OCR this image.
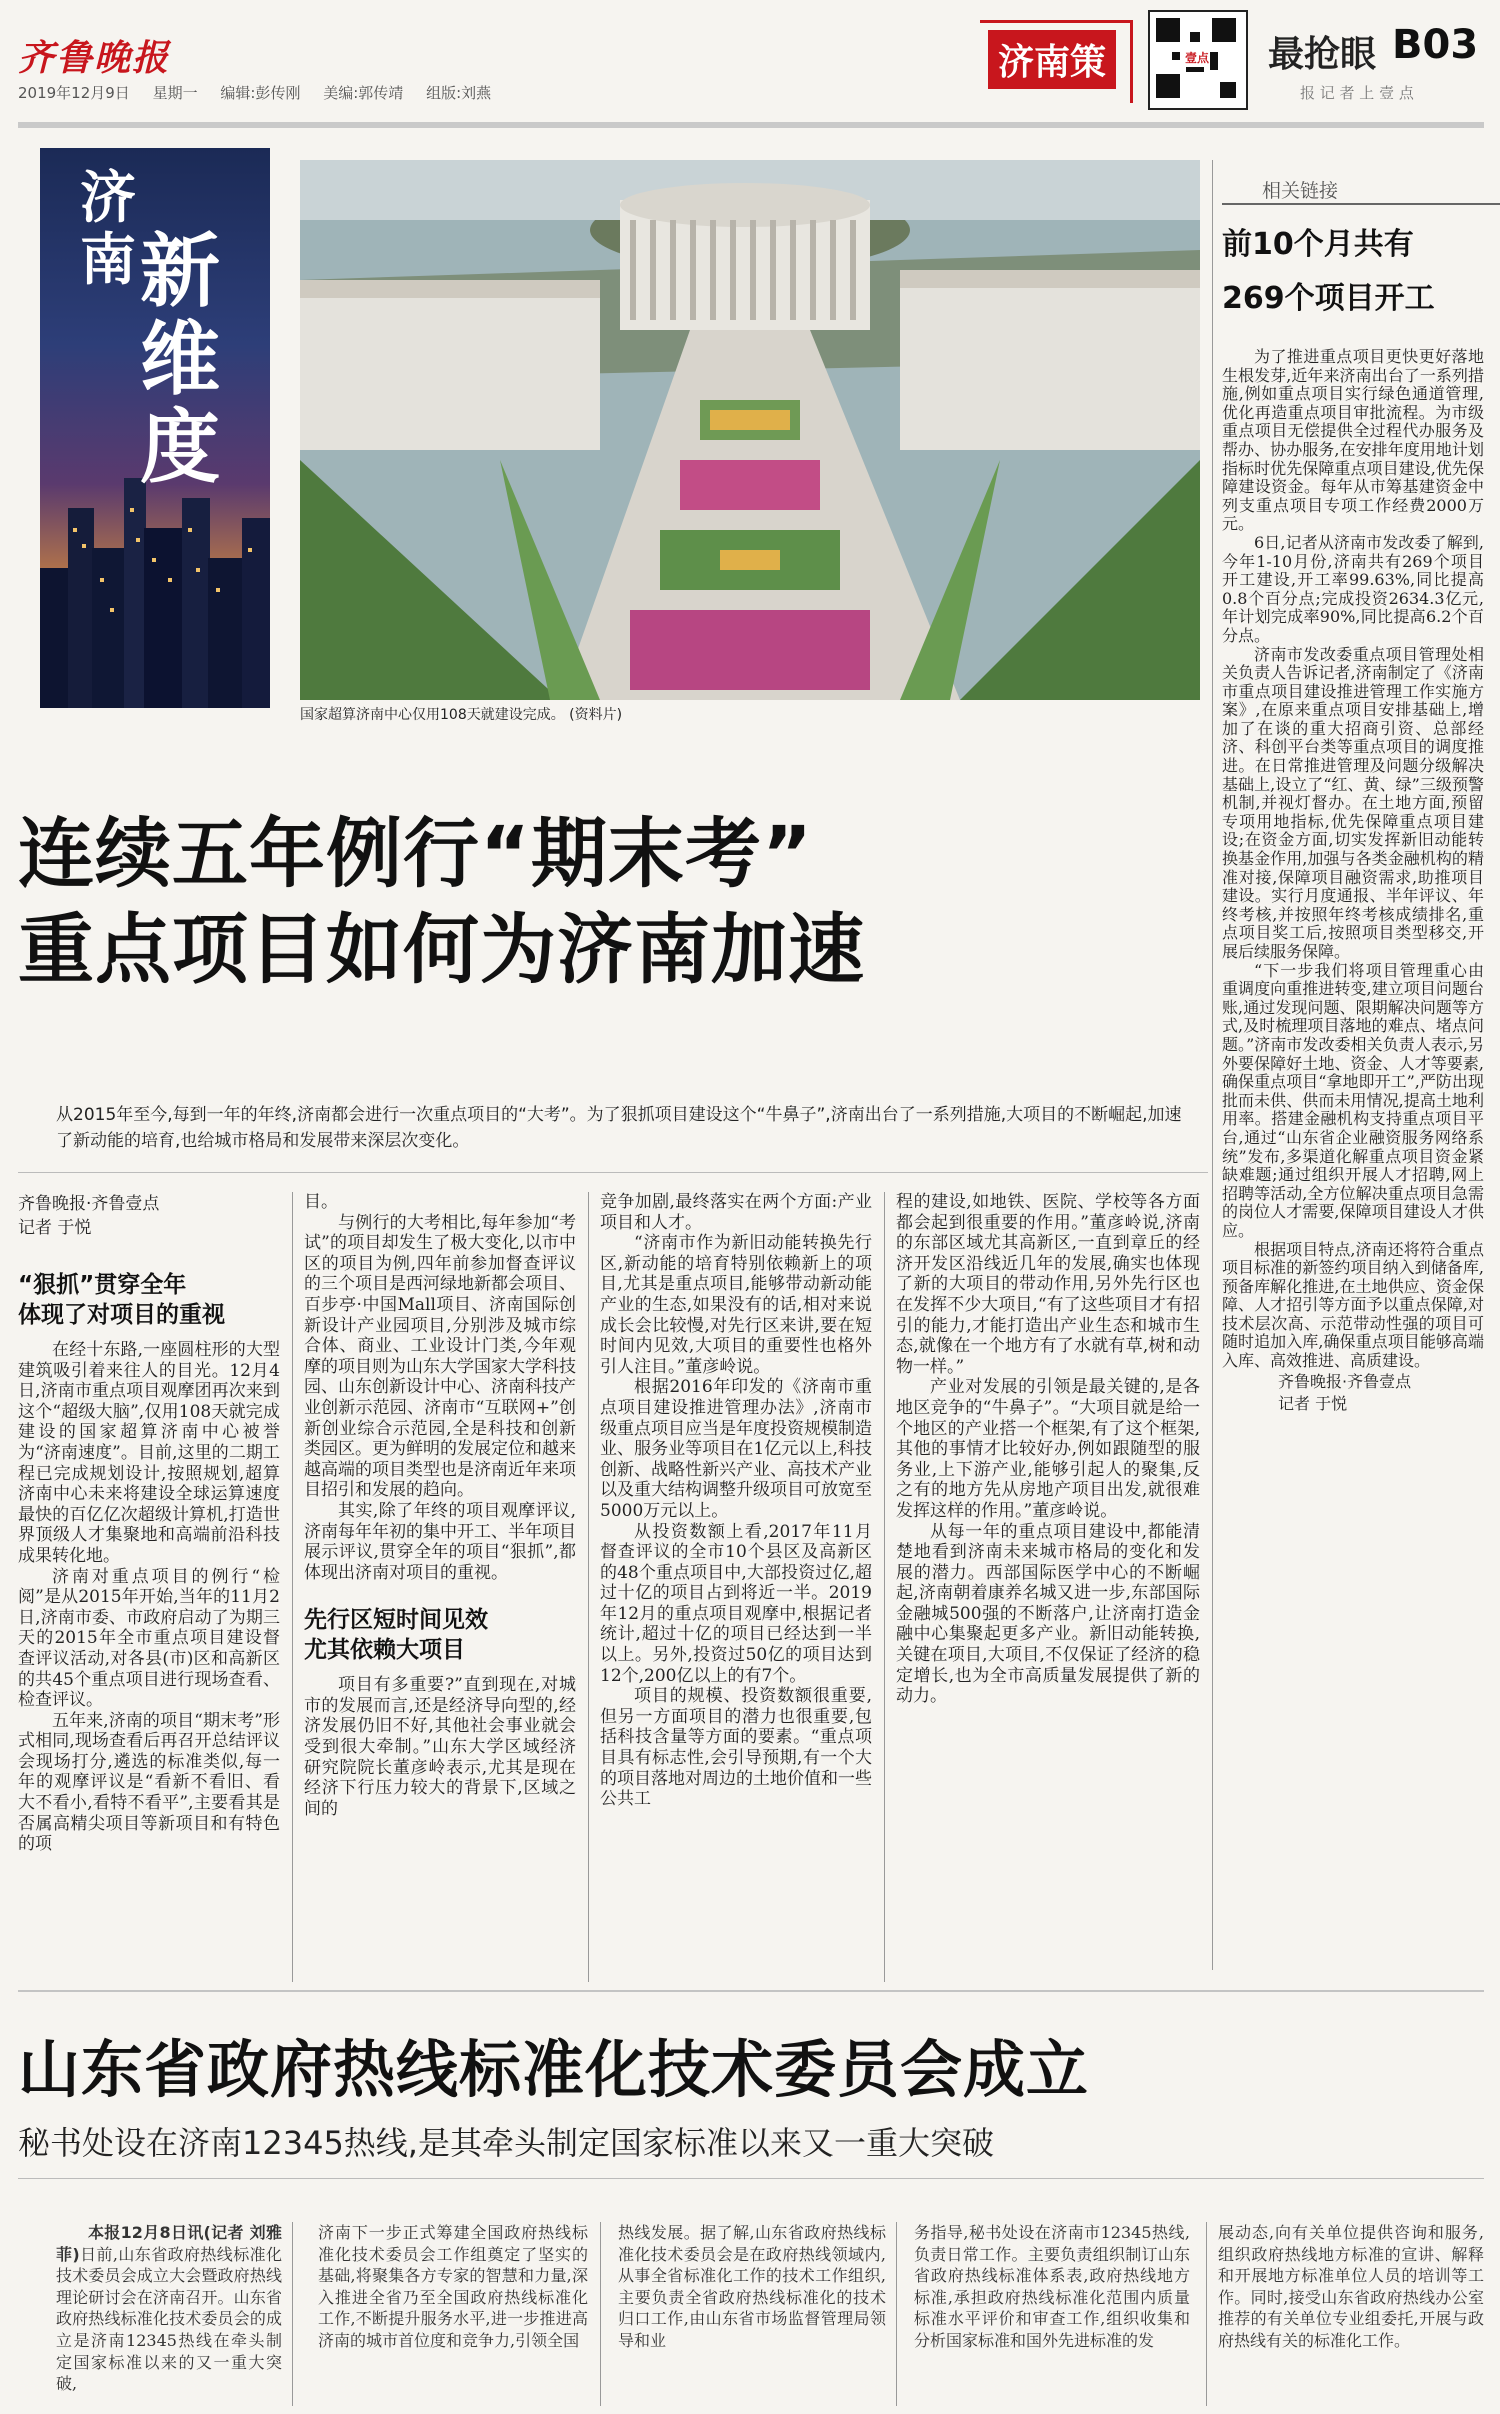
齐鲁晚报
2019年12月9日 星期一 编辑:彭传刚 美编:郭传靖 组版:刘燕
济南策	壹点 最抢眼 B03
报 记 者 上 壹 点
济南 新维度
国家超算济南中心仅用108天就建设完成。 (资料片)
相关链接
前10个月共有
269个项目开工

为了推进重点项目更快更好落地生根发芽,近年来济南出台了一系列措施,例如重点项目实行绿色通道管理,优化再造重点项目审批流程。为市级重点项目无偿提供全过程代办服务及帮办、协办服务,在安排年度用地计划指标时优先保障重点项目建设,优先保障建设资金。每年从市筹基建资金中列支重点项目专项工作经费2000万元。

6日,记者从济南市发改委了解到,今年1-10月份,济南共有269个项目开工建设,开工率99.63%,同比提高0.8个百分点;完成投资2634.3亿元,年计划完成率90%,同比提高6.2个百分点。

济南市发改委重点项目管理处相关负责人告诉记者,济南制定了《济南市重点项目建设推进管理工作实施方案》,在原来重点项目安排基础上,增加了在谈的重大招商引资、总部经济、科创平台类等重点项目的调度推进。在日常推进管理及问题分级解决基础上,设立了“红、黄、绿”三级预警机制,并视灯督办。在土地方面,预留专项用地指标,优先保障重点项目建设;在资金方面,切实发挥新旧动能转换基金作用,加强与各类金融机构的精准对接,保障项目融资需求,助推项目建设。实行月度通报、半年评议、年终考核,并按照年终考核成绩排名,重点项目奖工后,按照项目类型移交,开展后续服务保障。

“下一步我们将项目管理重心由重调度向重推进转变,建立项目问题台账,通过发现问题、限期解决问题等方式,及时梳理项目落地的难点、堵点问题。”济南市发改委相关负责人表示,另外要保障好土地、资金、人才等要素,确保重点项目“拿地即开工”,严防出现批而未供、供而未用情况,提高土地利用率。搭建金融机构支持重点项目平台,通过“山东省企业融资服务网络系统”发布,多渠道化解重点项目资金紧缺难题;通过组织开展人才招聘,网上招聘等活动,全方位解决重点项目急需的岗位人才需要,保障项目建设人才供应。

根据项目特点,济南还将符合重点项目标准的新签约项目纳入到储备库,预备库解化推进,在土地供应、资金保障、人才招引等方面予以重点保障,对技术层次高、示范带动性强的项目可随时追加入库,确保重点项目能够高端入库、高效推进、高质建设。

齐鲁晚报·齐鲁壹点
记者 于悦
连续五年例行“期末考”
重点项目如何为济南加速
从2015年至今,每到一年的年终,济南都会进行一次重点项目的“大考”。为了狠抓项目建设这个“牛鼻子”,济南出台了一系列措施,大项目的不断崛起,加速了新动能的培育,也给城市格局和发展带来深层次变化。
齐鲁晚报·齐鲁壹点
记者 于悦
“狠抓”贯穿全年
体现了对项目的重视

在经十东路,一座圆柱形的大型建筑吸引着来往人的目光。12月4日,济南市重点项目观摩团再次来到这个“超级大脑”,仅用108天就完成建设的国家超算济南中心被誉为“济南速度”。目前,这里的二期工程已完成规划设计,按照规划,超算济南中心未来将建设全球运算速度最快的百亿亿次超级计算机,打造世界顶级人才集聚地和高端前沿科技成果转化地。

济南对重点项目的例行“检阅”是从2015年开始,当年的11月2日,济南市委、市政府启动了为期三天的2015年全市重点项目建设督查评议活动,对各县(市)区和高新区的共45个重点项目进行现场查看、检查评议。

五年来,济南的项目“期末考”形式相同,现场查看后再召开总结评议会现场打分,遴选的标准类似,每一年的观摩评议是“看新不看旧、看大不看小,看特不看平”,主要看其是否属高精尖项目等新项目和有特色的项

目。

与例行的大考相比,每年参加“考试”的项目却发生了极大变化,以市中区的项目为例,四年前参加督查评议的三个项目是西河绿地新都会项目、百步亭·中国Mall项目、济南国际创新设计产业园项目,分别涉及城市综合体、商业、工业设计门类,今年观摩的项目则为山东大学国家大学科技园、山东创新设计中心、济南科技产业创新示范园、济南市“互联网+”创新创业综合示范园,全是科技和创新类园区。更为鲜明的发展定位和越来越高端的项目类型也是济南近年来项目招引和发展的趋向。

其实,除了年终的项目观摩评议,济南每年年初的集中开工、半年项目展示评议,贯穿全年的项目“狠抓”,都体现出济南对项目的重视。

先行区短时间见效
尤其依赖大项目

项目有多重要?”直到现在,对城市的发展而言,还是经济导向型的,经济发展仍旧不好,其他社会事业就会受到很大牵制。”山东大学区域经济研究院院长董彦岭表示,尤其是现在经济下行压力较大的背景下,区域之间的

竞争加剧,最终落实在两个方面:产业项目和人才。

“济南市作为新旧动能转换先行区,新动能的培育特别依赖新上的项目,尤其是重点项目,能够带动新动能产业的生态,如果没有的话,相对来说成长会比较慢,对先行区来讲,要在短时间内见效,大项目的重要性也格外引人注目。”董彦岭说。

根据2016年印发的《济南市重点项目建设推进管理办法》,济南市级重点项目应当是年度投资规模制造业、服务业等项目在1亿元以上,科技创新、战略性新兴产业、高技术产业以及重大结构调整升级项目可放宽至5000万元以上。

从投资数额上看,2017年11月督查评议的全市10个县区及高新区的48个重点项目中,大部投资过亿,超过十亿的项目占到将近一半。2019年12月的重点项目观摩中,根据记者统计,超过十亿的项目已经达到一半以上。另外,投资过50亿的项目达到12个,200亿以上的有7个。

项目的规模、投资数额很重要,但另一方面项目的潜力也很重要,包括科技含量等方面的要素。“重点项目具有标志性,会引导预期,有一个大的项目落地对周边的土地价值和一些公共工

程的建设,如地铁、医院、学校等各方面都会起到很重要的作用。”董彦岭说,济南的东部区域尤其高新区,一直到章丘的经济开发区沿线近几年的发展,确实也体现了新的大项目的带动作用,另外先行区也在发挥不少大项目,“有了这些项目才有招引的能力,才能打造出产业生态和城市生态,就像在一个地方有了水就有草,树和动物一样。”

产业对发展的引领是最关键的,是各地区竞争的“牛鼻子”。“大项目就是给一个地区的产业搭一个框架,有了这个框架,其他的事情才比较好办,例如跟随型的服务业,上下游产业,能够引起人的聚集,反之有的地方先从房地产项目出发,就很难发挥这样的作用。”董彦岭说。

从每一年的重点项目建设中,都能清楚地看到济南未来城市格局的变化和发展的潜力。西部国际医学中心的不断崛起,济南朝着康养名城又进一步,东部国际金融城500强的不断落户,让济南打造金融中心集聚起更多产业。新旧动能转换,关键在项目,大项目,不仅保证了经济的稳定增长,也为全市高质量发展提供了新的动力。

山东省政府热线标准化技术委员会成立
秘书处设在济南12345热线,是其牵头制定国家标准以来又一重大突破

本报12月8日讯(记者 刘雅菲)日前,山东省政府热线标准化技术委员会成立大会暨政府热线理论研讨会在济南召开。山东省政府热线标准化技术委员会的成立是济南12345热线在牵头制定国家标准以来的又一重大突破,

济南下一步正式筹建全国政府热线标准化技术委员会工作组奠定了坚实的基础,将聚集各方专家的智慧和力量,深入推进全省乃至全国政府热线标准化工作,不断提升服务水平,进一步推进高济南的城市首位度和竞争力,引领全国

热线发展。据了解,山东省政府热线标准化技术委员会是在政府热线领域内,从事全省标准化工作的技术工作组织,主要负责全省政府热线标准化的技术归口工作,由山东省市场监督管理局领导和业

务指导,秘书处设在济南市12345热线,负责日常工作。主要负责组织制订山东省政府热线标准体系表,政府热线地方标准,承担政府热线标准化范围内质量标准水平评价和审查工作,组织收集和分析国家标准和国外先进标准的发

展动态,向有关单位提供咨询和服务,组织政府热线地方标准的宣讲、解释和开展地方标准单位人员的培训等工作。同时,接受山东省政府热线办公室推荐的有关单位专业组委托,开展与政府热线有关的标准化工作。
